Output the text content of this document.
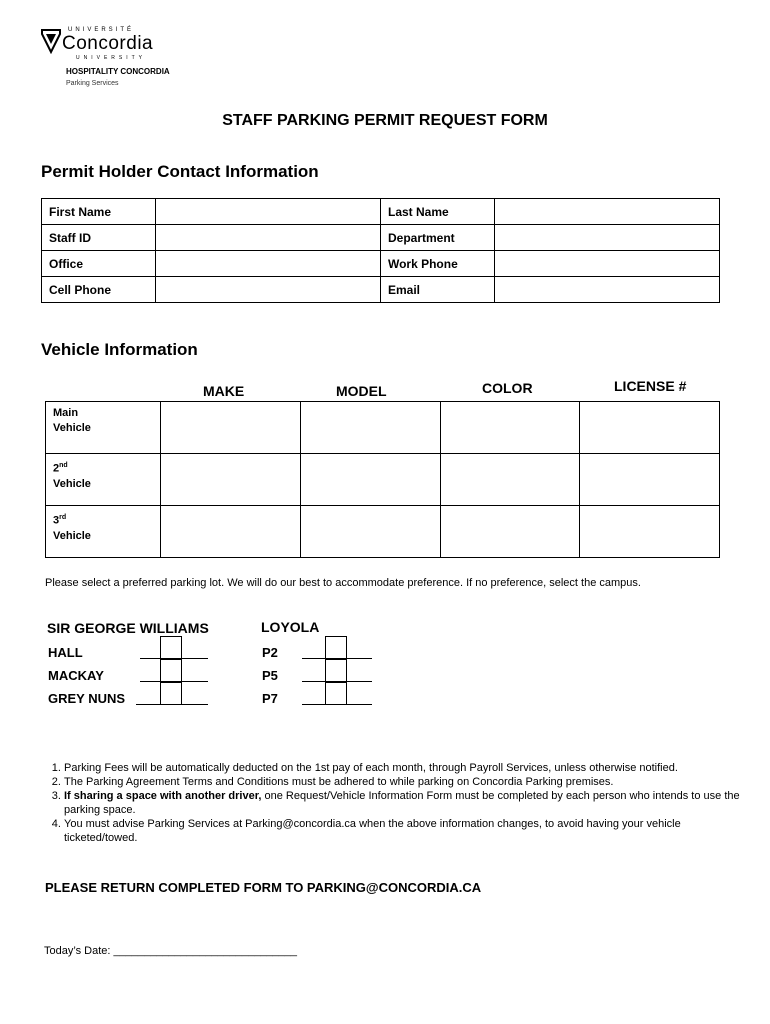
UNIVERSITÉ
Concordia
UNIVERSITY
HOSPITALITY CONCORDIA
Parking Services
STAFF PARKING PERMIT REQUEST FORM
Permit Holder Contact Information
First Name		Last Name	
Staff ID		Department	
Office		Work Phone	
Cell Phone		Email	
Vehicle Information
MAKE	MODEL	COLOR	LICENSE #
Main
Vehicle				
2nd
Vehicle				
3rd
Vehicle				
Please select a preferred parking lot. We will do our best to accommodate preference. If no preference, select the campus.
SIR GEORGE WILLIAMS	LOYOLA
HALL
MACKAY
GREY NUNS
P2
P5
P7
1. Parking Fees will be automatically deducted on the 1st pay of each month, through Payroll Services, unless otherwise notified.
2. The Parking Agreement Terms and Conditions must be adhered to while parking on Concordia Parking premises.
3. If sharing a space with another driver, one Request/Vehicle Information Form must be completed by each person who intends to use the parking space.
4. You must advise Parking Services at Parking@concordia.ca when the above information changes, to avoid having your vehicle ticketed/towed.
PLEASE RETURN COMPLETED FORM TO PARKING@CONCORDIA.CA
Today’s Date: ______________________________
